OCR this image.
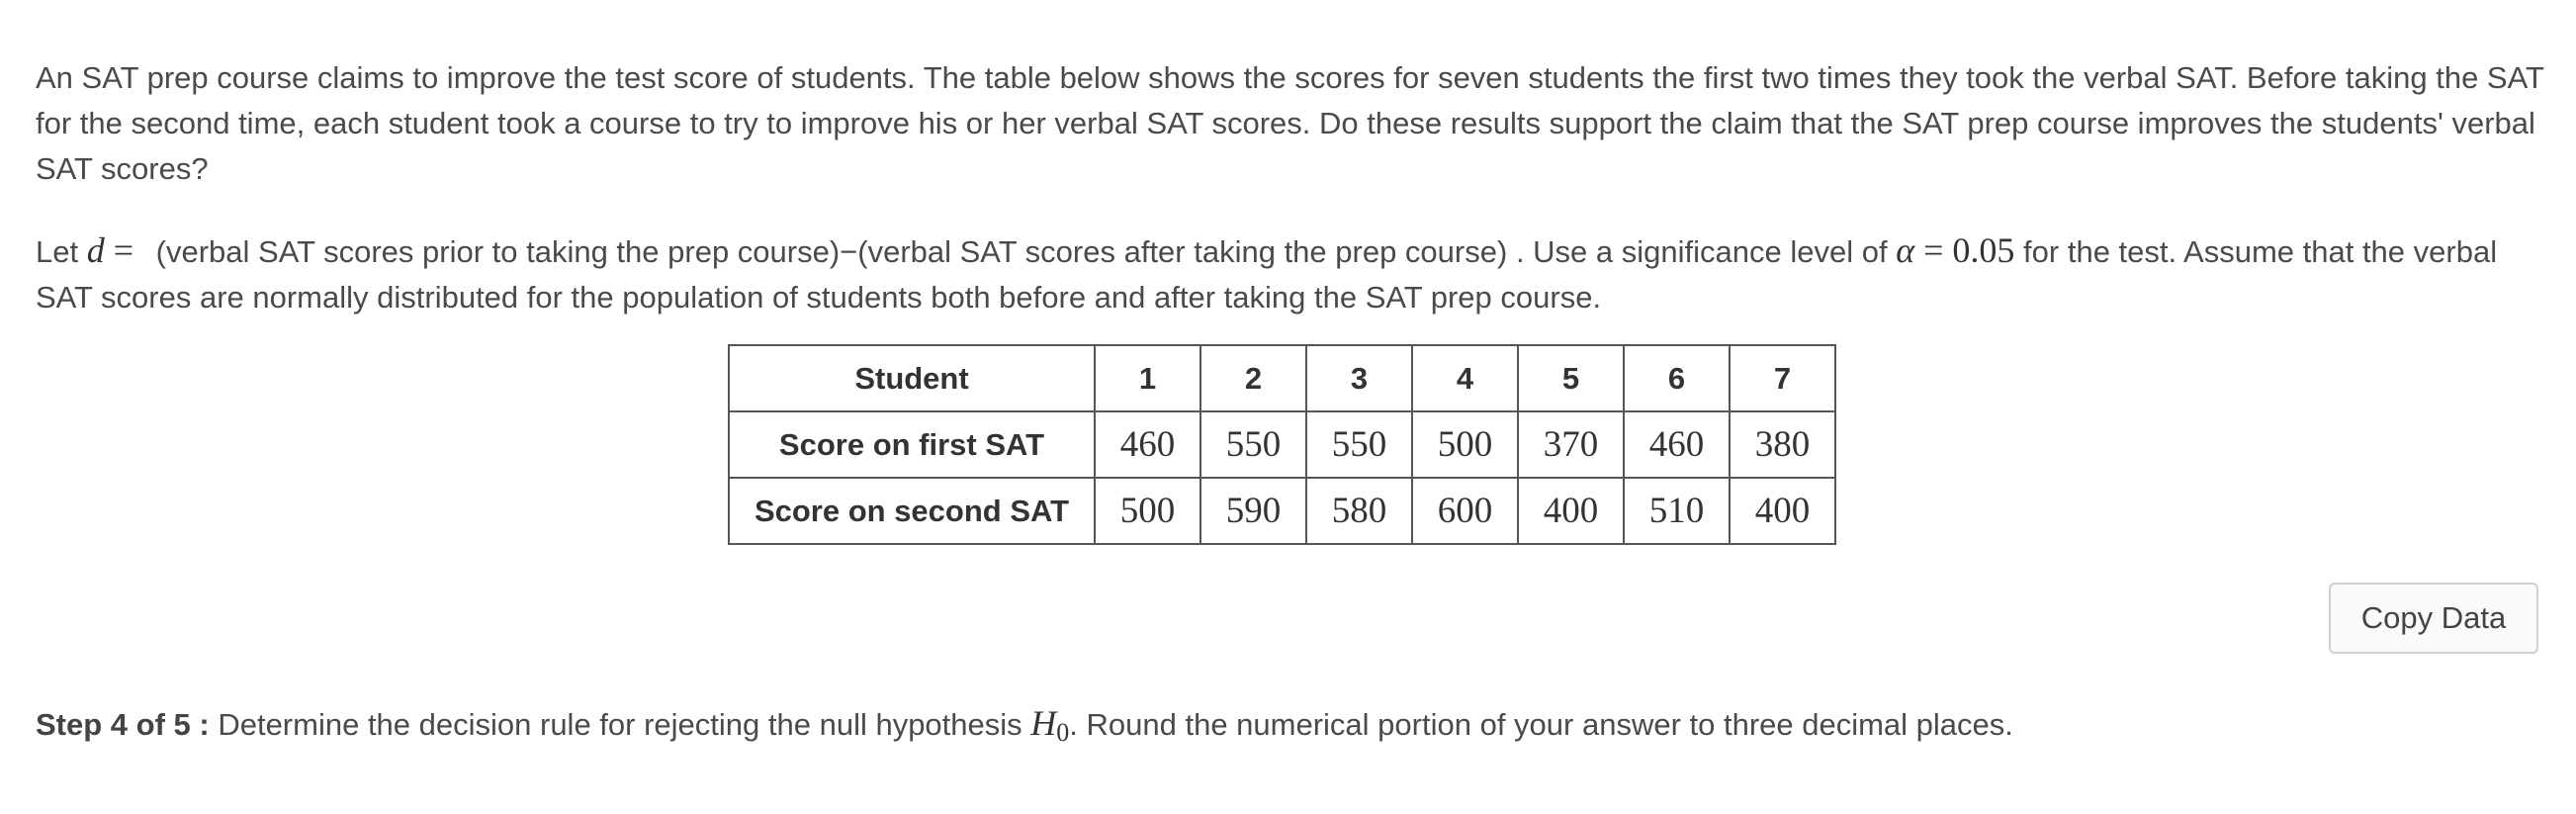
An SAT prep course claims to improve the test score of students. The table below shows the scores for seven students the first two times they took the verbal SAT. Before taking the SAT for the second time, each student took a course to try to improve his or her verbal SAT scores. Do these results support the claim that the SAT prep course improves the students' verbal SAT scores?

Let d = (verbal SAT scores prior to taking the prep course)−(verbal SAT scores after taking the prep course) . Use a significance level of α = 0.05 for the test. Assume that the verbal SAT scores are normally distributed for the population of students both before and after taking the SAT prep course.

Student	1	2	3	4	5	6	7
Score on first SAT	460	550	550	500	370	460	380
Score on second SAT	500	590	580	600	400	510	400
Copy Data
Step 4 of 5 : Determine the decision rule for rejecting the null hypothesis $H_0$. Round the numerical portion of your answer to three decimal places.
